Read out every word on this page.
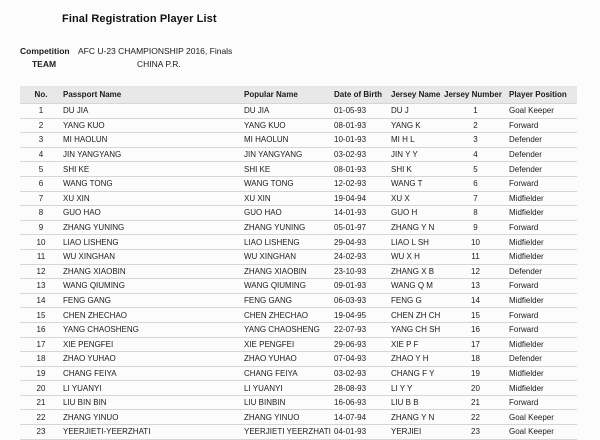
Final Registration Player List
Competition AFC U-23 CHAMPIONSHIP 2016, Finals
TEAM	CHINA P.R.
No.	Passport Name	Popular Name	Date of Birth	Jersey Name	Jersey Number	Player Position
1	DU JIA	DU JIA	01-05-93	DU J	1	Goal Keeper
2	YANG KUO	YANG KUO	08-01-93	YANG K	2	Forward
3	MI HAOLUN	MI HAOLUN	10-01-93	MI H L	3	Defender
4	JIN YANGYANG	JIN YANGYANG	03-02-93	JIN Y Y	4	Defender
5	SHI KE	SHI KE	08-01-93	SHI K	5	Defender
6	WANG TONG	WANG TONG	12-02-93	WANG T	6	Forward
7	XU XIN	XU XIN	19-04-94	XU X	7	Midfielder
8	GUO HAO	GUO HAO	14-01-93	GUO H	8	Midfielder
9	ZHANG YUNING	ZHANG YUNING	05-01-97	ZHANG Y N	9	Forward
10	LIAO LISHENG	LIAO LISHENG	29-04-93	LIAO L SH	10	Midfielder
11	WU XINGHAN	WU XINGHAN	24-02-93	WU X H	11	Midfielder
12	ZHANG XIAOBIN	ZHANG XIAOBIN	23-10-93	ZHANG X B	12	Defender
13	WANG QIUMING	WANG QIUMING	09-01-93	WANG Q M	13	Forward
14	FENG GANG	FENG GANG	06-03-93	FENG G	14	Midfielder
15	CHEN ZHECHAO	CHEN ZHECHAO	19-04-95	CHEN ZH CH	15	Forward
16	YANG CHAOSHENG	YANG CHAOSHENG	22-07-93	YANG CH SH	16	Forward
17	XIE PENGFEI	XIE PENGFEI	29-06-93	XIE P F	17	Midfielder
18	ZHAO YUHAO	ZHAO YUHAO	07-04-93	ZHAO Y H	18	Defender
19	CHANG FEIYA	CHANG FEIYA	03-02-93	CHANG F Y	19	Midfielder
20	LI YUANYI	LI YUANYI	28-08-93	LI Y Y	20	Midfielder
21	LIU BIN BIN	LIU BINBIN	16-06-93	LIU B B	21	Forward
22	ZHANG YINUO	ZHANG YINUO	14-07-94	ZHANG Y N	22	Goal Keeper
23	YEERJIETI-YEERZHATI	YEERJIETI YEERZHATI	04-01-93	YERJIEI	23	Goal Keeper
